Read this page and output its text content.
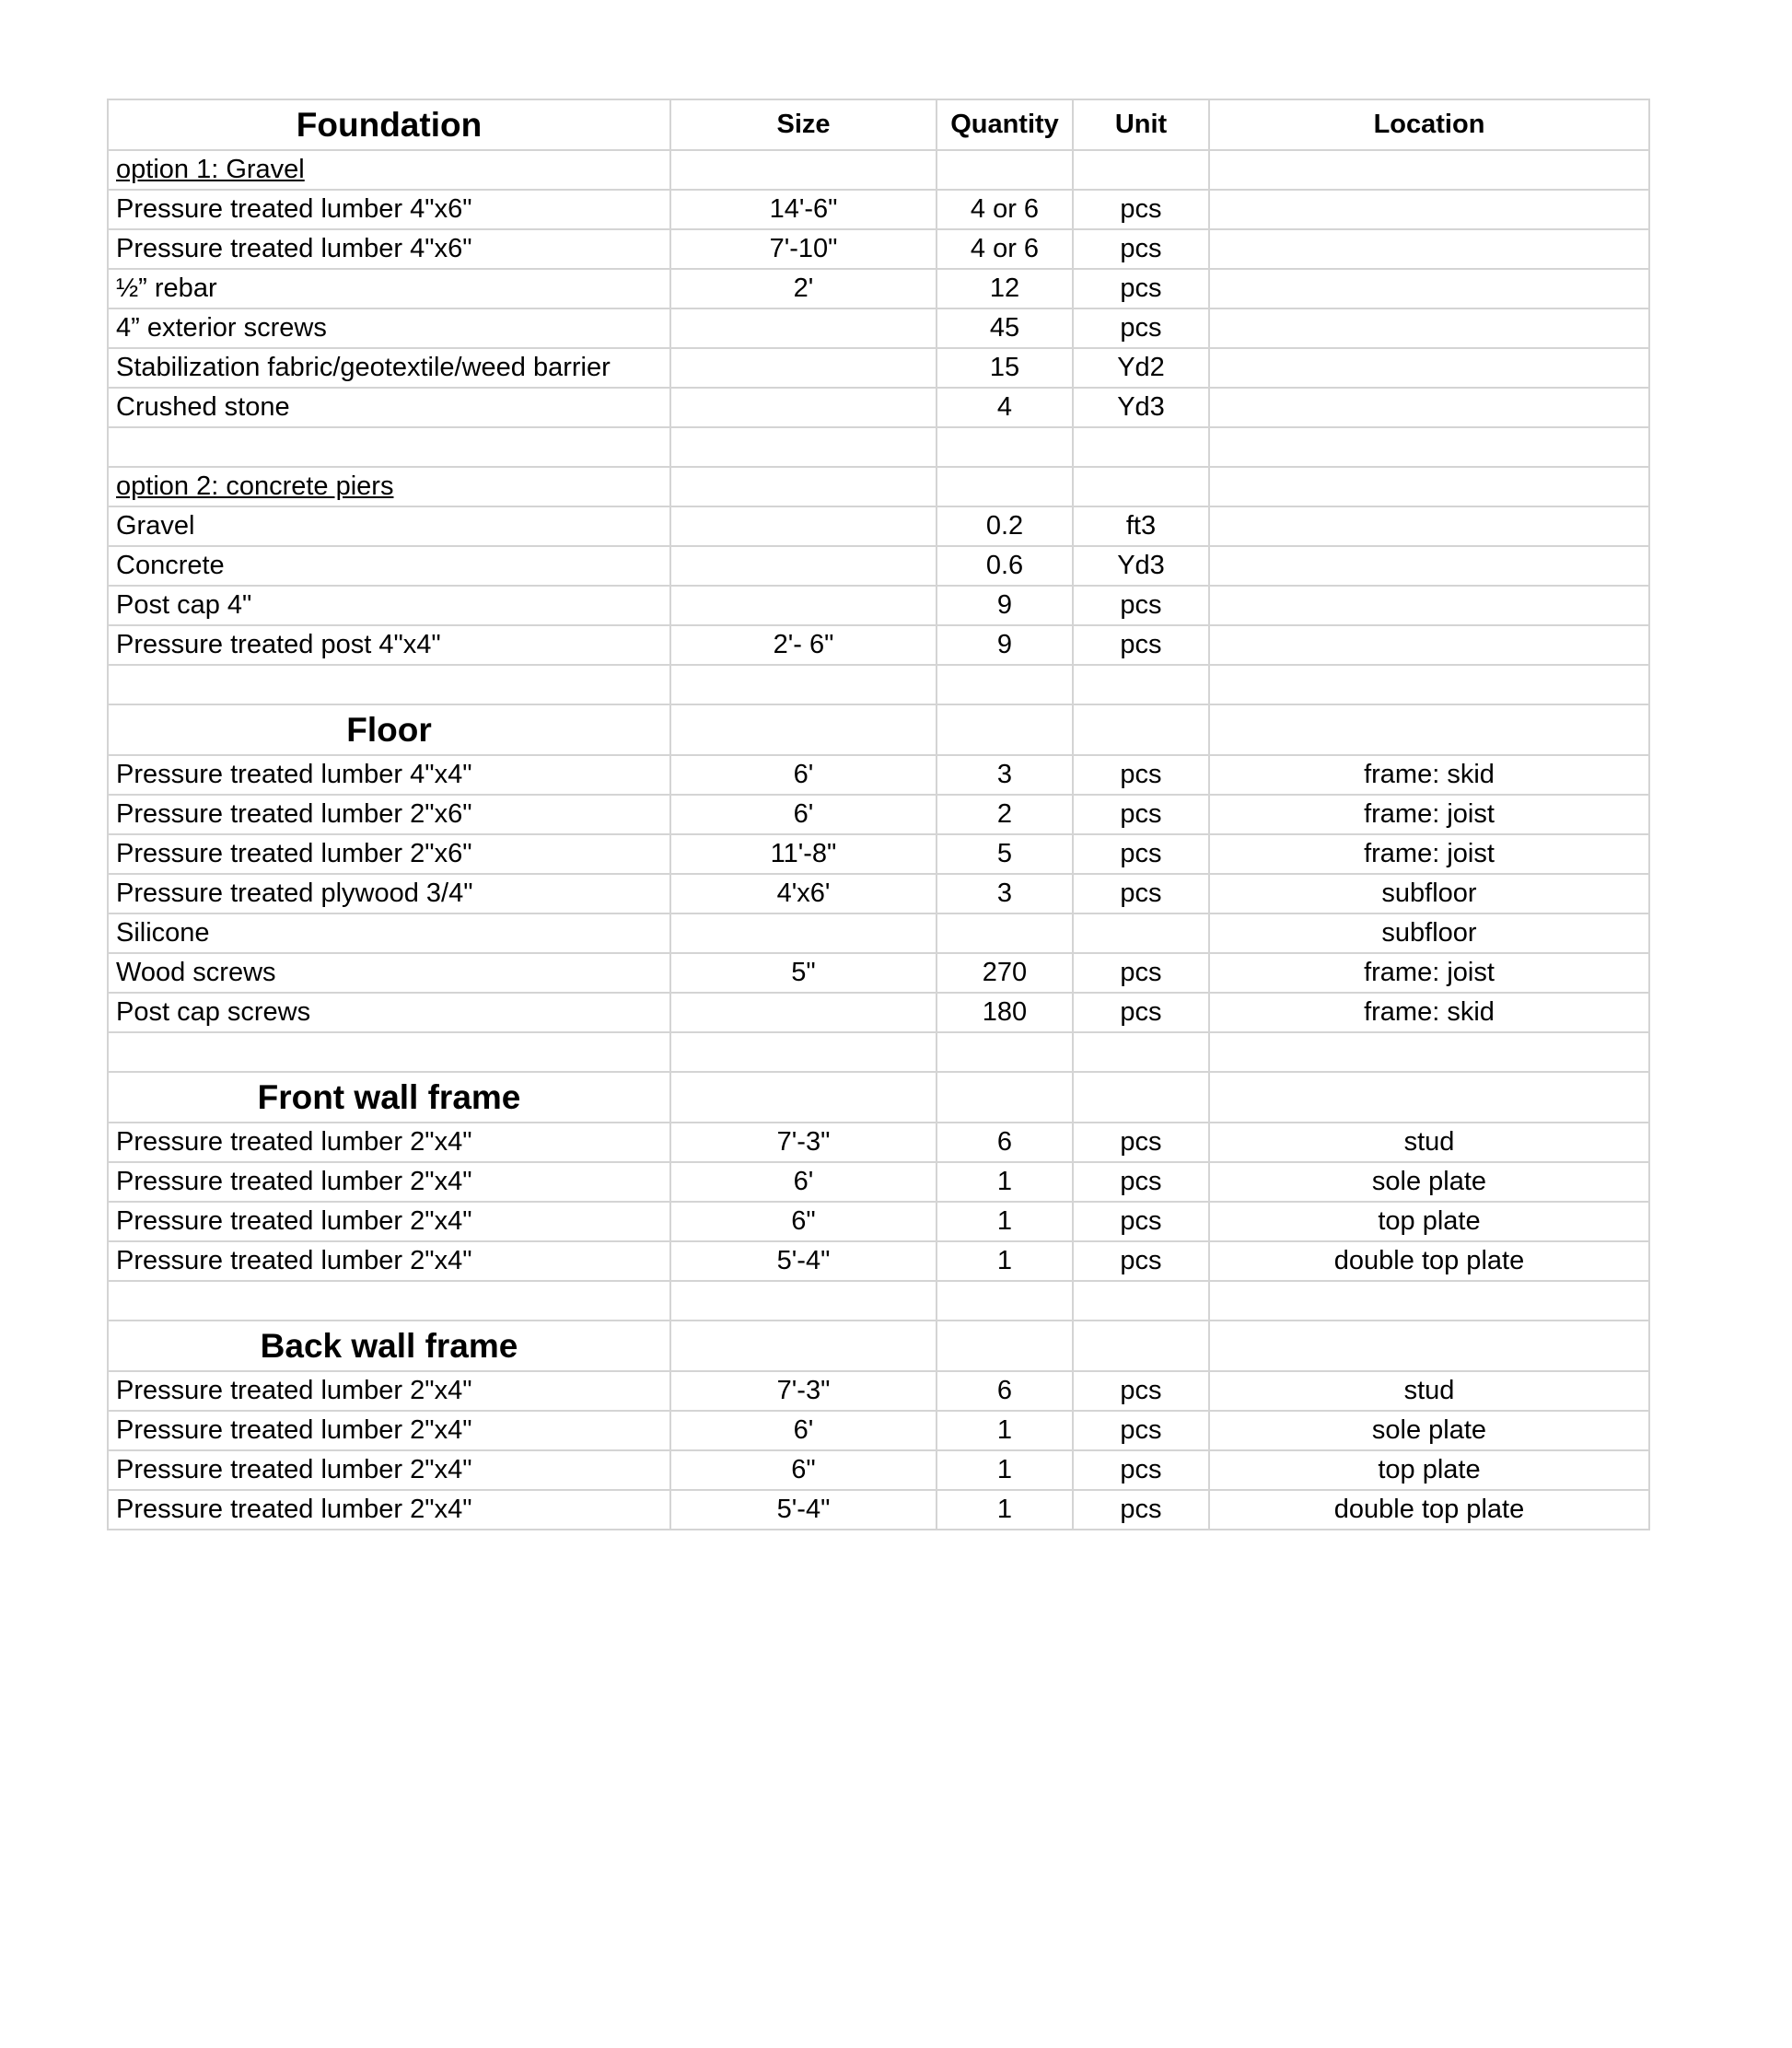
Foundation	Size	Quantity	Unit	Location
option 1: Gravel				
Pressure treated lumber 4"x6"	14'-6"	4 or 6	pcs	
Pressure treated lumber 4"x6"	7'-10"	4 or 6	pcs	
½” rebar	2'	12	pcs	
4” exterior screws		45	pcs	
Stabilization fabric/geotextile/weed barrier		15	Yd2	
Crushed stone		4	Yd3	

option 2: concrete piers				
Gravel		0.2	ft3	
Concrete		0.6	Yd3	
Post cap 4"		9	pcs	
Pressure treated post 4"x4"	2'- 6"	9	pcs	

Floor				
Pressure treated lumber 4"x4"	6'	3	pcs	frame: skid
Pressure treated lumber 2"x6"	6'	2	pcs	frame: joist
Pressure treated lumber 2"x6"	11'-8"	5	pcs	frame: joist
Pressure treated plywood 3/4"	4'x6'	3	pcs	subfloor
Silicone				subfloor
Wood screws	5"	270	pcs	frame: joist
Post cap screws		180	pcs	frame: skid

Front wall frame				
Pressure treated lumber 2"x4"	7'-3"	6	pcs	stud
Pressure treated lumber 2"x4"	6'	1	pcs	sole plate
Pressure treated lumber 2"x4"	6"	1	pcs	top plate
Pressure treated lumber 2"x4"	5'-4"	1	pcs	double top plate

Back wall frame				
Pressure treated lumber 2"x4"	7'-3"	6	pcs	stud
Pressure treated lumber 2"x4"	6'	1	pcs	sole plate
Pressure treated lumber 2"x4"	6"	1	pcs	top plate
Pressure treated lumber 2"x4"	5'-4"	1	pcs	double top plate
